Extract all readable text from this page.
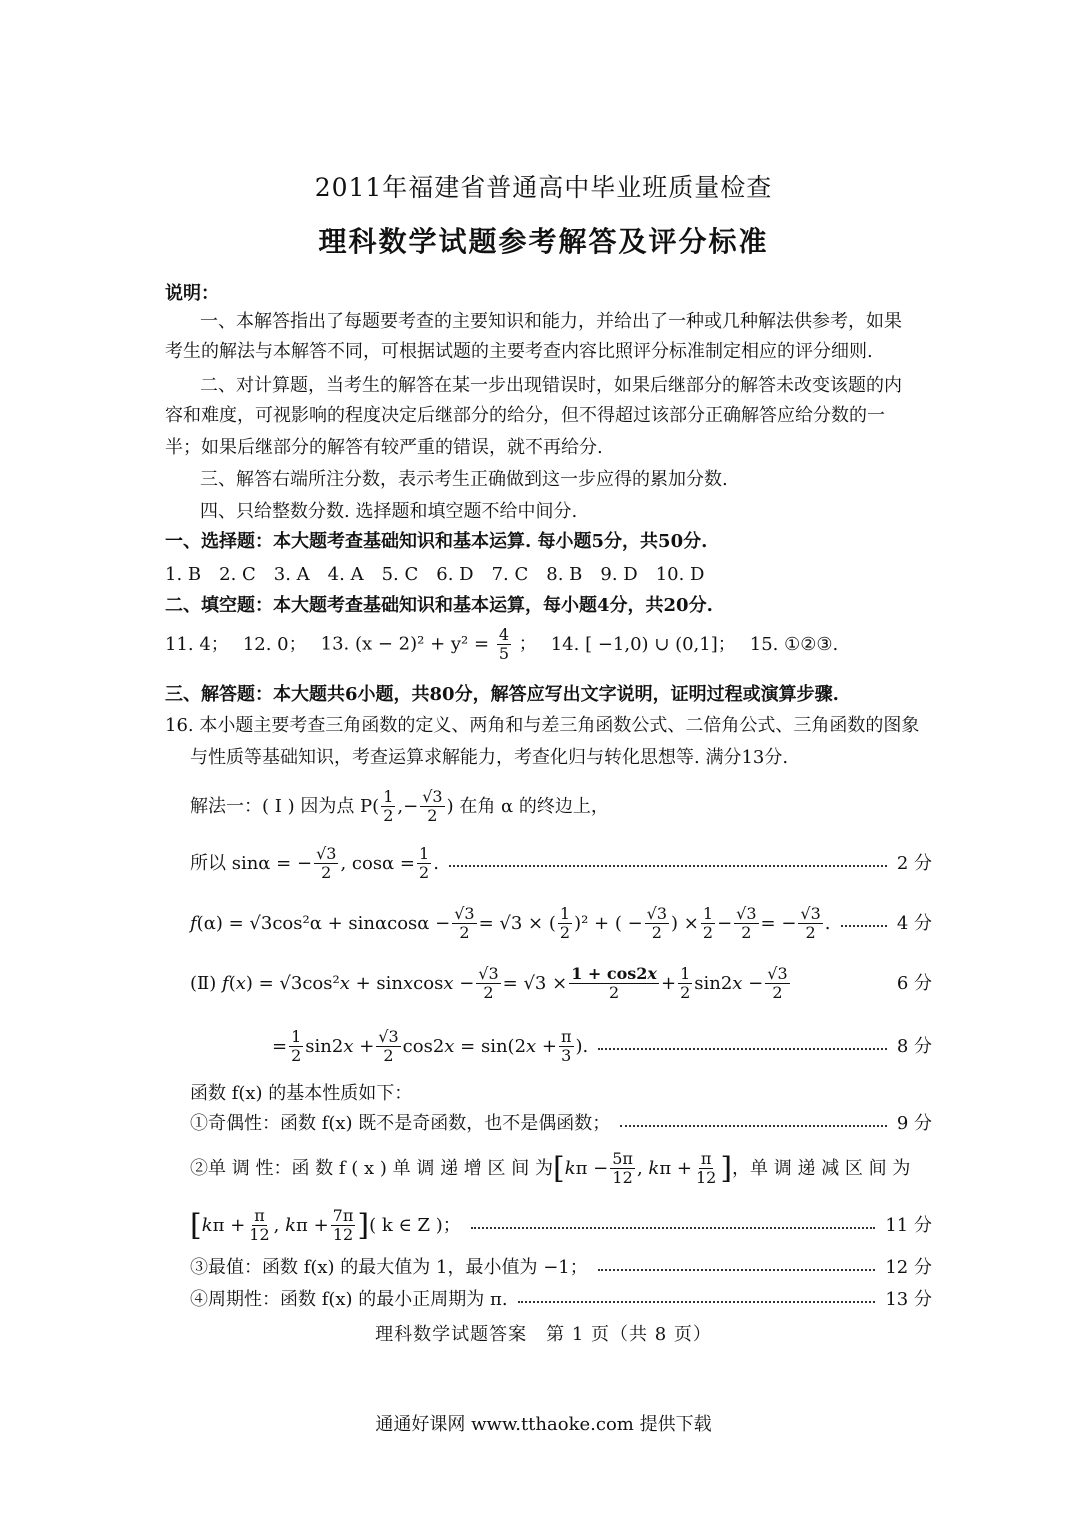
2011年福建省普通高中毕业班质量检查
理科数学试题参考解答及评分标准
说明：
一、本解答指出了每题要考查的主要知识和能力，并给出了一种或几种解法供参考，如果
考生的解法与本解答不同，可根据试题的主要考查内容比照评分标准制定相应的评分细则.
二、对计算题，当考生的解答在某一步出现错误时，如果后继部分的解答未改变该题的内
容和难度，可视影响的程度决定后继部分的给分，但不得超过该部分正确解答应给分数的一
半；如果后继部分的解答有较严重的错误，就不再给分.
三、解答右端所注分数，表示考生正确做到这一步应得的累加分数.
四、只给整数分数. 选择题和填空题不给中间分.
一、选择题：本大题考查基础知识和基本运算. 每小题5分，共50分.
1. B　2. C　3. A　4. A　5. C　6. D　7. C　8. B　9. D　10. D
二、填空题：本大题考查基础知识和基本运算，每小题4分，共20分.
11. 4； 12. 0； 13. $(x - 2)^2 + y^2 = \frac{4}{5}$ ； 14. [ −1,0) ∪ (0,1]； 15. ①②③.
三、解答题：本大题共6小题，共80分，解答应写出文字说明，证明过程或演算步骤.
16. 本小题主要考查三角函数的定义、两角和与差三角函数公式、二倍角公式、三角函数的图象
与性质等基础知识，考查运算求解能力，考查化归与转化思想等. 满分13分.
解法一：( Ⅰ ) 因为点 $P( \frac{1}{2}$ , − $\frac{√3}{2}$ ) 在角 α 的终边上，
所以 sinα = − $\frac{√3}{2}$ , $\cos\alpha = \frac{1}{2}$ .	2 分
$f(\alpha) = √3\cos^2\alpha + \sin\alpha\cos\alpha - \frac{√3}{2} = √3$ × ( $\frac{1}{2} )^2$ + ( − $\frac{√3}{2}$ ) × $\frac{1}{2} - \frac{√3}{2}$ = − $\frac{√3}{2}$ .	4 分
(Ⅱ) f(x) = √3cos²x + sinxcosx − $\frac{√3}{2} = √3 \times \frac{1 + \cos 2x}{2} + \frac{1}{2} \sin 2x - \frac{√3}{2}$	6 分
= $\frac{1}{2} \sin 2x + \frac{√3}{2} \cos 2x = \sin(2x + \frac{\pi}{3}$ ).	8 分
函数 f(x) 的基本性质如下：
①奇偶性：函数 f(x) 既不是奇函数，也不是偶函数；	9 分
②单 调 性：函 数 f ( x ) 单 调 递 增 区 间 为 [ $k\pi - \frac{5\pi}{12}$ , $k\pi + \frac{\pi}{12}$ ] ，单 调 递 减 区 间 为
[ $k\pi + \frac{\pi}{12}$ , $k\pi + \frac{7\pi}{12}$ ] ( k ∈ Z )；	11 分
③最值：函数 f(x) 的最大值为 1，最小值为 −1；	12 分
④周期性：函数 f(x) 的最小正周期为 π.	13 分
理科数学试题答案　第 1 页（共 8 页）
通通好课网 www.tthaoke.com 提供下载
